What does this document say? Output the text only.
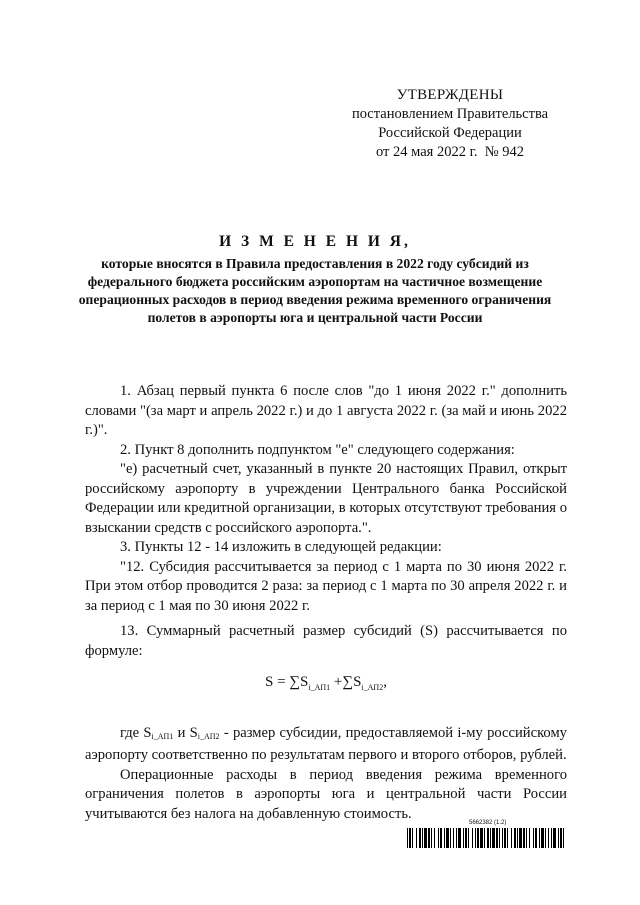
УТВЕРЖДЕНЫ
постановлением Правительства
Российской Федерации
от 24 мая 2022 г.  № 942
И З М Е Н Е Н И Я,
которые вносятся в Правила предоставления в 2022 году субсидий из федерального бюджета российским аэропортам на частичное возмещение операционных расходов в период введения режима временного ограничения полетов в аэропорты юга и центральной части России

1. Абзац первый пункта 6 после слов "до 1 июня 2022 г." дополнить словами "(за март и апрель 2022 г.) и до 1 августа 2022 г. (за май и июнь 2022 г.)".

2. Пункт 8 дополнить подпунктом "е" следующего содержания:

"е) расчетный счет, указанный в пункте 20 настоящих Правил, открыт российскому аэропорту в учреждении Центрального банка Российской Федерации или кредитной организации, в которых отсутствуют требования о взыскании средств с российского аэропорта.".

3. Пункты 12 - 14 изложить в следующей редакции:

"12. Субсидия рассчитывается за период с 1 марта по 30 июня 2022 г. При этом отбор проводится 2 раза: за период с 1 марта по 30 апреля 2022 г. и за период с 1 мая по 30 июня 2022 г.

13. Суммарный расчетный размер субсидий (S) рассчитывается по формуле:

$S = \sum S_{i\_АП1} +\sum S_{i\_АП2}$,

где Si_АП1 и Si_АП2 - размер субсидии, предоставляемой i-му российскому аэропорту соответственно по результатам первого и второго отборов, рублей.

Операционные расходы в период введения режима временного ограничения полетов в аэропорты юга и центральной части России учитываются без налога на добавленную стоимость.

5662382 (1.2)
